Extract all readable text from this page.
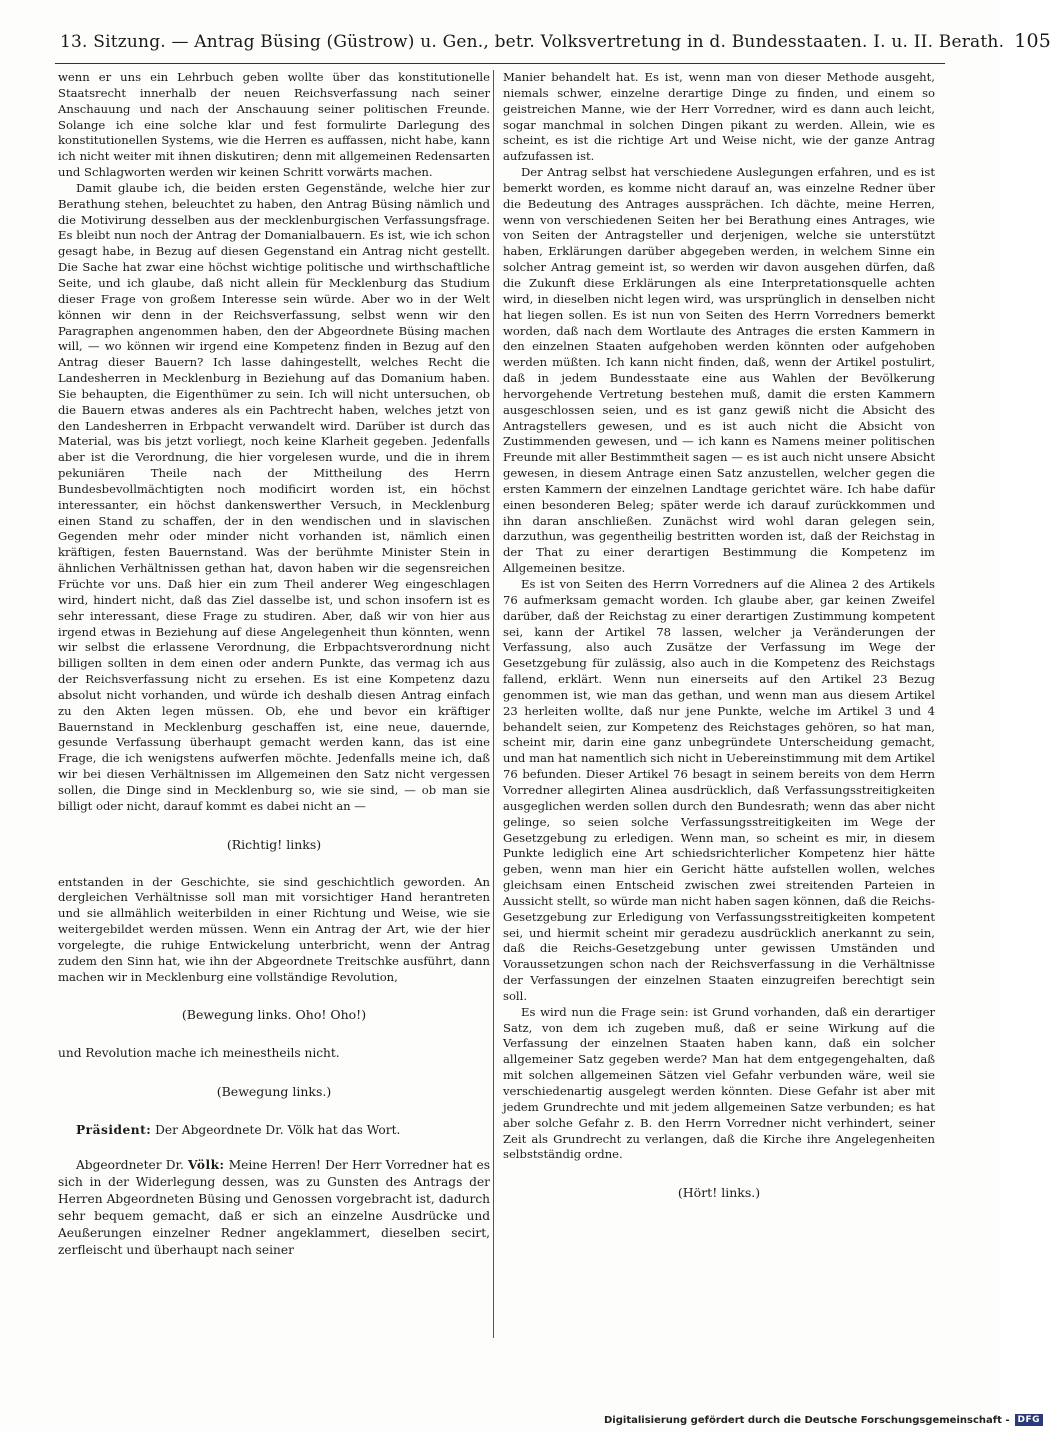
13. Sitzung. — Antrag Büsing (Güstrow) u. Gen., betr. Volksvertretung in d. Bundesstaaten. I. u. II. Berath. 105

wenn er uns ein Lehrbuch geben wollte über das konstitutionelle Staatsrecht innerhalb der neuen Reichsverfassung nach seiner Anschauung und nach der Anschauung seiner politischen Freunde. Solange ich eine solche klar und fest formulirte Darlegung des konstitutionellen Systems, wie die Herren es auffassen, nicht habe, kann ich nicht weiter mit ihnen diskutiren; denn mit allgemeinen Redensarten und Schlagworten werden wir keinen Schritt vorwärts machen.

Damit glaube ich, die beiden ersten Gegenstände, welche hier zur Berathung stehen, beleuchtet zu haben, den Antrag Büsing nämlich und die Motivirung desselben aus der mecklenburgischen Verfassungsfrage. Es bleibt nun noch der Antrag der Domanialbauern. Es ist, wie ich schon gesagt habe, in Bezug auf diesen Gegenstand ein Antrag nicht gestellt. Die Sache hat zwar eine höchst wichtige politische und wirthschaftliche Seite, und ich glaube, daß nicht allein für Mecklenburg das Studium dieser Frage von großem Interesse sein würde. Aber wo in der Welt können wir denn in der Reichsverfassung, selbst wenn wir den Paragraphen angenommen haben, den der Abgeordnete Büsing machen will, — wo können wir irgend eine Kompetenz finden in Bezug auf den Antrag dieser Bauern? Ich lasse dahingestellt, welches Recht die Landesherren in Mecklenburg in Beziehung auf das Domanium haben. Sie behaupten, die Eigenthümer zu sein. Ich will nicht untersuchen, ob die Bauern etwas anderes als ein Pachtrecht haben, welches jetzt von den Landesherren in Erbpacht verwandelt wird. Darüber ist durch das Material, was bis jetzt vorliegt, noch keine Klarheit gegeben. Jedenfalls aber ist die Verordnung, die hier vorgelesen wurde, und die in ihrem pekuniären Theile nach der Mittheilung des Herrn Bundesbevollmächtigten noch modificirt worden ist, ein höchst interessanter, ein höchst dankenswerther Versuch, in Mecklenburg einen Stand zu schaffen, der in den wendischen und in slavischen Gegenden mehr oder minder nicht vorhanden ist, nämlich einen kräftigen, festen Bauernstand. Was der berühmte Minister Stein in ähnlichen Verhältnissen gethan hat, davon haben wir die segensreichen Früchte vor uns. Daß hier ein zum Theil anderer Weg eingeschlagen wird, hindert nicht, daß das Ziel dasselbe ist, und schon insofern ist es sehr interessant, diese Frage zu studiren. Aber, daß wir von hier aus irgend etwas in Beziehung auf diese Angelegenheit thun könnten, wenn wir selbst die erlassene Verordnung, die Erbpachtsverordnung nicht billigen sollten in dem einen oder andern Punkte, das vermag ich aus der Reichsverfassung nicht zu ersehen. Es ist eine Kompetenz dazu absolut nicht vorhanden, und würde ich deshalb diesen Antrag einfach zu den Akten legen müssen. Ob, ehe und bevor ein kräftiger Bauernstand in Mecklenburg geschaffen ist, eine neue, dauernde, gesunde Verfassung überhaupt gemacht werden kann, das ist eine Frage, die ich wenigstens aufwerfen möchte. Jedenfalls meine ich, daß wir bei diesen Verhältnissen im Allgemeinen den Satz nicht vergessen sollen, die Dinge sind in Mecklenburg so, wie sie sind, — ob man sie billigt oder nicht, darauf kommt es dabei nicht an —

(Richtig! links)

entstanden in der Geschichte, sie sind geschichtlich geworden. An dergleichen Verhältnisse soll man mit vorsichtiger Hand herantreten und sie allmählich weiterbilden in einer Richtung und Weise, wie sie weitergebildet werden müssen. Wenn ein Antrag der Art, wie der hier vorgelegte, die ruhige Entwickelung unterbricht, wenn der Antrag zudem den Sinn hat, wie ihn der Abgeordnete Treitschke ausführt, dann machen wir in Mecklenburg eine vollständige Revolution,

(Bewegung links. Oho! Oho!)

und Revolution mache ich meinestheils nicht.

(Bewegung links.)

Präsident: Der Abgeordnete Dr. Völk hat das Wort.

Abgeordneter Dr. Völk: Meine Herren! Der Herr Vorredner hat es sich in der Widerlegung dessen, was zu Gunsten des Antrags der Herren Abgeordneten Büsing und Genossen vorgebracht ist, dadurch sehr bequem gemacht, daß er sich an einzelne Ausdrücke und Aeußerungen einzelner Redner angeklammert, dieselben secirt, zerfleischt und überhaupt nach seiner

Manier behandelt hat. Es ist, wenn man von dieser Methode ausgeht, niemals schwer, einzelne derartige Dinge zu finden, und einem so geistreichen Manne, wie der Herr Vorredner, wird es dann auch leicht, sogar manchmal in solchen Dingen pikant zu werden. Allein, wie es scheint, es ist die richtige Art und Weise nicht, wie der ganze Antrag aufzufassen ist.

Der Antrag selbst hat verschiedene Auslegungen erfahren, und es ist bemerkt worden, es komme nicht darauf an, was einzelne Redner über die Bedeutung des Antrages aussprächen. Ich dächte, meine Herren, wenn von verschiedenen Seiten her bei Berathung eines Antrages, wie von Seiten der Antragsteller und derjenigen, welche sie unterstützt haben, Erklärungen darüber abgegeben werden, in welchem Sinne ein solcher Antrag gemeint ist, so werden wir davon ausgehen dürfen, daß die Zukunft diese Erklärungen als eine Interpretationsquelle achten wird, in dieselben nicht legen wird, was ursprünglich in denselben nicht hat liegen sollen. Es ist nun von Seiten des Herrn Vorredners bemerkt worden, daß nach dem Wortlaute des Antrages die ersten Kammern in den einzelnen Staaten aufgehoben werden könnten oder aufgehoben werden müßten. Ich kann nicht finden, daß, wenn der Artikel postulirt, daß in jedem Bundesstaate eine aus Wahlen der Bevölkerung hervorgehende Vertretung bestehen muß, damit die ersten Kammern ausgeschlossen seien, und es ist ganz gewiß nicht die Absicht des Antragstellers gewesen, und es ist auch nicht die Absicht von Zustimmenden gewesen, und — ich kann es Namens meiner politischen Freunde mit aller Bestimmtheit sagen — es ist auch nicht unsere Absicht gewesen, in diesem Antrage einen Satz anzustellen, welcher gegen die ersten Kammern der einzelnen Landtage gerichtet wäre. Ich habe dafür einen besonderen Beleg; später werde ich darauf zurückkommen und ihn daran anschließen. Zunächst wird wohl daran gelegen sein, darzuthun, was gegentheilig bestritten worden ist, daß der Reichstag in der That zu einer derartigen Bestimmung die Kompetenz im Allgemeinen besitze.

Es ist von Seiten des Herrn Vorredners auf die Alinea 2 des Artikels 76 aufmerksam gemacht worden. Ich glaube aber, gar keinen Zweifel darüber, daß der Reichstag zu einer derartigen Zustimmung kompetent sei, kann der Artikel 78 lassen, welcher ja Veränderungen der Verfassung, also auch Zusätze der Verfassung im Wege der Gesetzgebung für zulässig, also auch in die Kompetenz des Reichstags fallend, erklärt. Wenn nun einerseits auf den Artikel 23 Bezug genommen ist, wie man das gethan, und wenn man aus diesem Artikel 23 herleiten wollte, daß nur jene Punkte, welche im Artikel 3 und 4 behandelt seien, zur Kompetenz des Reichstages gehören, so hat man, scheint mir, darin eine ganz unbegründete Unterscheidung gemacht, und man hat namentlich sich nicht in Uebereinstimmung mit dem Artikel 76 befunden. Dieser Artikel 76 besagt in seinem bereits von dem Herrn Vorredner allegirten Alinea ausdrücklich, daß Verfassungsstreitigkeiten ausgeglichen werden sollen durch den Bundesrath; wenn das aber nicht gelinge, so seien solche Verfassungsstreitigkeiten im Wege der Gesetzgebung zu erledigen. Wenn man, so scheint es mir, in diesem Punkte lediglich eine Art schiedsrichterlicher Kompetenz hier hätte geben, wenn man hier ein Gericht hätte aufstellen wollen, welches gleichsam einen Entscheid zwischen zwei streitenden Parteien in Aussicht stellt, so würde man nicht haben sagen können, daß die Reichs-Gesetzgebung zur Erledigung von Verfassungsstreitigkeiten kompetent sei, und hiermit scheint mir geradezu ausdrücklich anerkannt zu sein, daß die Reichs-Gesetzgebung unter gewissen Umständen und Voraussetzungen schon nach der Reichsverfassung in die Verhältnisse der Verfassungen der einzelnen Staaten einzugreifen berechtigt sein soll.

Es wird nun die Frage sein: ist Grund vorhanden, daß ein derartiger Satz, von dem ich zugeben muß, daß er seine Wirkung auf die Verfassung der einzelnen Staaten haben kann, daß ein solcher allgemeiner Satz gegeben werde? Man hat dem entgegengehalten, daß mit solchen allgemeinen Sätzen viel Gefahr verbunden wäre, weil sie verschiedenartig ausgelegt werden könnten. Diese Gefahr ist aber mit jedem Grundrechte und mit jedem allgemeinen Satze verbunden; es hat aber solche Gefahr z. B. den Herrn Vorredner nicht verhindert, seiner Zeit als Grundrecht zu verlangen, daß die Kirche ihre Angelegenheiten selbstständig ordne.

(Hört! links.)

Digitalisierung gefördert durch die Deutsche Forschungsgemeinschaft - DFG
